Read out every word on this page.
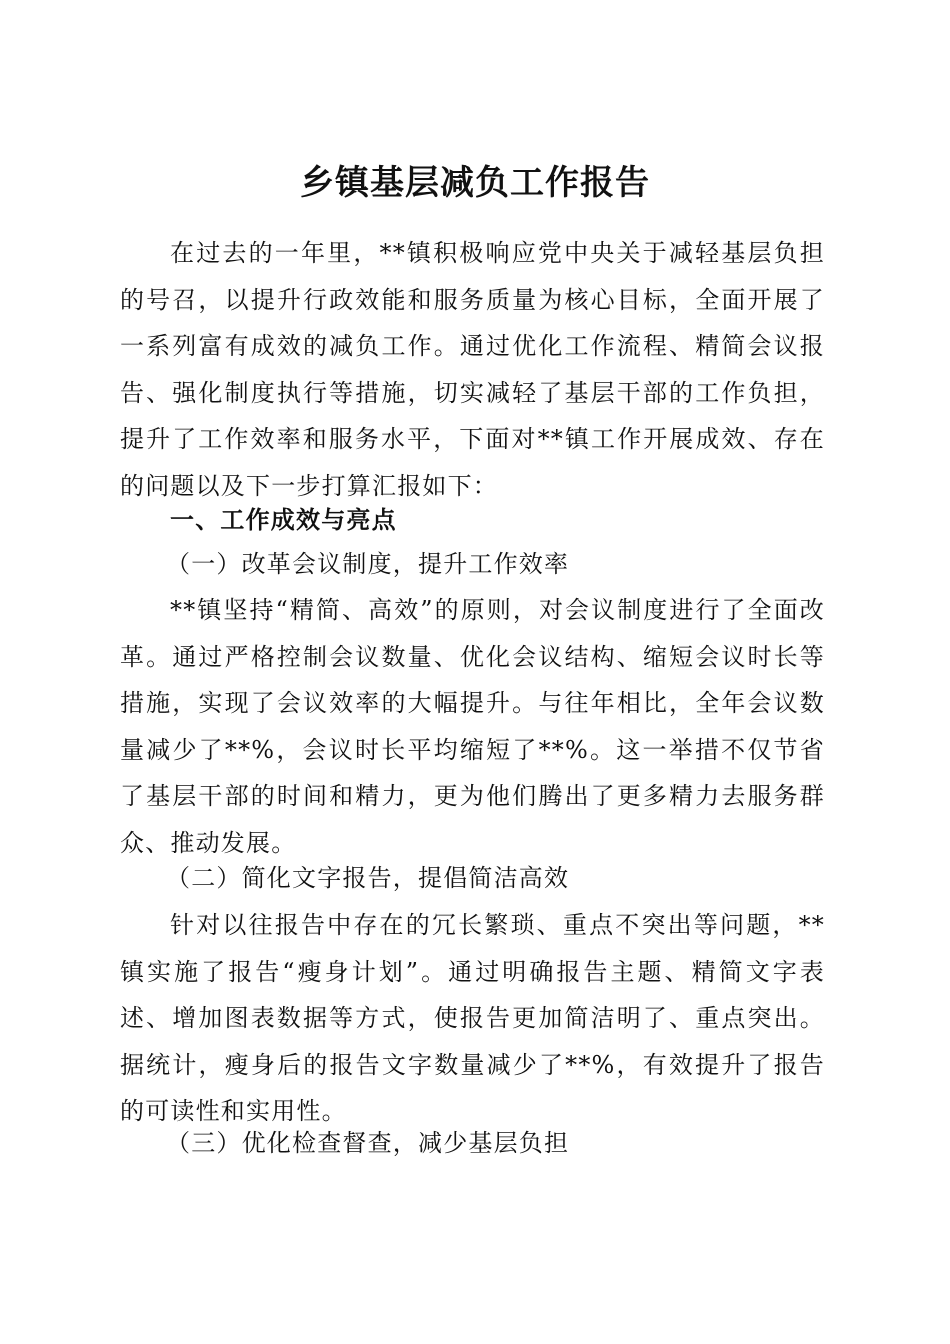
乡镇基层减负工作报告

在过去的一年里，**镇积极响应党中央关于减轻基层负担的号召，以提升行政效能和服务质量为核心目标，全面开展了一系列富有成效的减负工作。通过优化工作流程、精简会议报告、强化制度执行等措施，切实减轻了基层干部的工作负担，提升了工作效率和服务水平，下面对**镇工作开展成效、存在的问题以及下一步打算汇报如下：

一、工作成效与亮点

（一）改革会议制度，提升工作效率

**镇坚持“精简、高效”的原则，对会议制度进行了全面改革。通过严格控制会议数量、优化会议结构、缩短会议时长等措施，实现了会议效率的大幅提升。与往年相比，全年会议数量减少了**%，会议时长平均缩短了**%。这一举措不仅节省了基层干部的时间和精力，更为他们腾出了更多精力去服务群众、推动发展。

（二）简化文字报告，提倡简洁高效

针对以往报告中存在的冗长繁琐、重点不突出等问题，**镇实施了报告“瘦身计划”。通过明确报告主题、精简文字表述、增加图表数据等方式，使报告更加简洁明了、重点突出。据统计，瘦身后的报告文字数量减少了**%，有效提升了报告的可读性和实用性。

（三）优化检查督查，减少基层负担
